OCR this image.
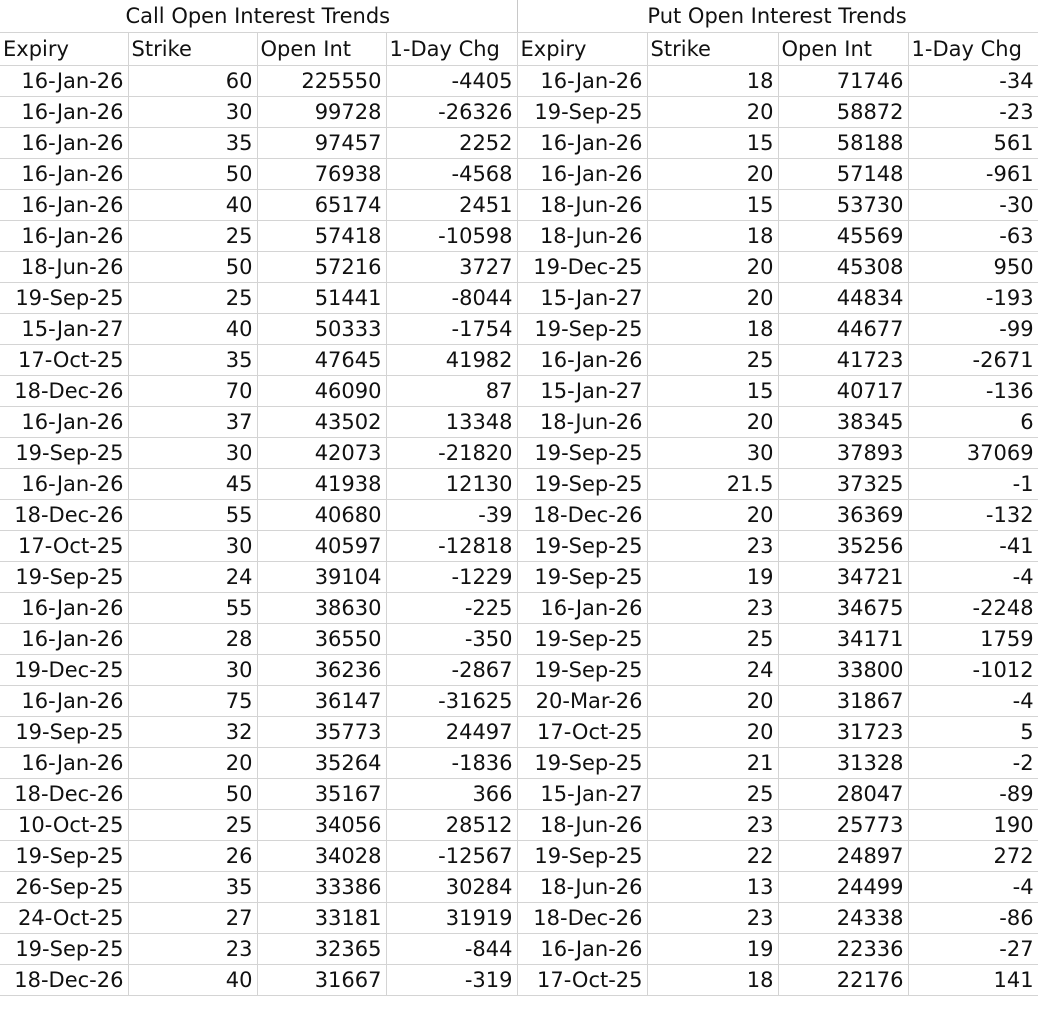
Call Open Interest Trends				Put Open Interest Trends			
Expiry	Strike	Open Int	1-Day Chg	Expiry	Strike	Open Int	1-Day Chg
16-Jan-26	60	225550	-4405	16-Jan-26	18	71746	-34
16-Jan-26	30	99728	-26326	19-Sep-25	20	58872	-23
16-Jan-26	35	97457	2252	16-Jan-26	15	58188	561
16-Jan-26	50	76938	-4568	16-Jan-26	20	57148	-961
16-Jan-26	40	65174	2451	18-Jun-26	15	53730	-30
16-Jan-26	25	57418	-10598	18-Jun-26	18	45569	-63
18-Jun-26	50	57216	3727	19-Dec-25	20	45308	950
19-Sep-25	25	51441	-8044	15-Jan-27	20	44834	-193
15-Jan-27	40	50333	-1754	19-Sep-25	18	44677	-99
17-Oct-25	35	47645	41982	16-Jan-26	25	41723	-2671
18-Dec-26	70	46090	87	15-Jan-27	15	40717	-136
16-Jan-26	37	43502	13348	18-Jun-26	20	38345	6
19-Sep-25	30	42073	-21820	19-Sep-25	30	37893	37069
16-Jan-26	45	41938	12130	19-Sep-25	21.5	37325	-1
18-Dec-26	55	40680	-39	18-Dec-26	20	36369	-132
17-Oct-25	30	40597	-12818	19-Sep-25	23	35256	-41
19-Sep-25	24	39104	-1229	19-Sep-25	19	34721	-4
16-Jan-26	55	38630	-225	16-Jan-26	23	34675	-2248
16-Jan-26	28	36550	-350	19-Sep-25	25	34171	1759
19-Dec-25	30	36236	-2867	19-Sep-25	24	33800	-1012
16-Jan-26	75	36147	-31625	20-Mar-26	20	31867	-4
19-Sep-25	32	35773	24497	17-Oct-25	20	31723	5
16-Jan-26	20	35264	-1836	19-Sep-25	21	31328	-2
18-Dec-26	50	35167	366	15-Jan-27	25	28047	-89
10-Oct-25	25	34056	28512	18-Jun-26	23	25773	190
19-Sep-25	26	34028	-12567	19-Sep-25	22	24897	272
26-Sep-25	35	33386	30284	18-Jun-26	13	24499	-4
24-Oct-25	27	33181	31919	18-Dec-26	23	24338	-86
19-Sep-25	23	32365	-844	16-Jan-26	19	22336	-27
18-Dec-26	40	31667	-319	17-Oct-25	18	22176	141
